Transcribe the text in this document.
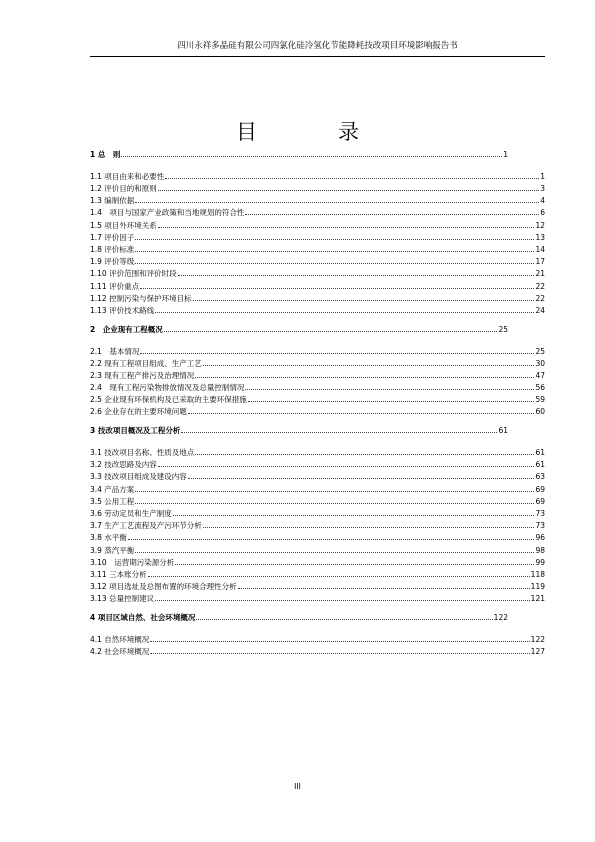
四川永祥多晶硅有限公司四氯化硅冷氢化节能降耗技改项目环境影响报告书
目　录
1 总　则	1
1.1 项目由来和必要性	1
1.2 评价目的和原则	3
1.3 编制依据	4
1.4　项目与国家产业政策和当地规划的符合性	6
1.5 项目外环境关系	12
1.7 评价因子	13
1.8 评价标准	14
1.9 评价等级	17
1.10 评价范围和评价时段	21
1.11 评价重点	22
1.12 控制污染与保护环境目标	22
1.13 评价技术路线	24
2　企业现有工程概况	25
2.1　基本情况	25
2.2 现有工程项目组成、生产工艺	30
2.3 现有工程产排污及治理情况	47
2.4　现有工程污染物排放情况及总量控制情况	56
2.5 企业现有环保机构及已采取的主要环保措施	59
2.6 企业存在的主要环境问题	60
3 技改项目概况及工程分析	61
3.1 技改项目名称、性质及地点	61
3.2 技改思路及内容	61
3.3 技改项目组成及建设内容	63
3.4 产品方案	69
3.5 公用工程	69
3.6 劳动定员和生产制度	73
3.7 生产工艺流程及产污环节分析	73
3.8 水平衡	96
3.9 蒸汽平衡	98
3.10　运营期污染源分析	99
3.11 三本账分析	118
3.12 项目选址及总图布置的环境合理性分析	119
3.13 总量控制建议	121
4 项目区域自然、社会环境概况	122
4.1 自然环境概况	122
4.2 社会环境概况	127
III
